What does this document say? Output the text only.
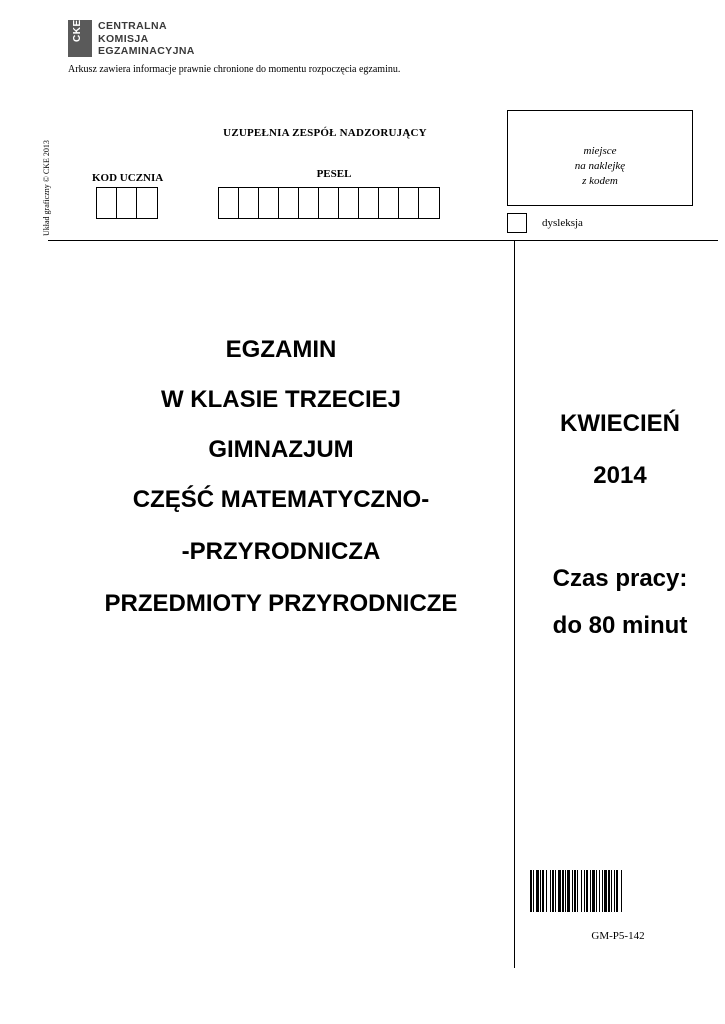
CKE CENTRALNA
KOMISJA
EGZAMINACYJNA
Arkusz zawiera informacje prawnie chronione do momentu rozpoczęcia egzaminu.
Układ graficzny © CKE 2013
UZUPEŁNIA ZESPÓŁ NADZORUJĄCY
KOD UCZNIA	PESEL
miejsce
na naklejkę
z kodem
dysleksja
EGZAMIN
W KLASIE TRZECIEJ
GIMNAZJUM
CZĘŚĆ MATEMATYCZNO-
-PRZYRODNICZA
PRZEDMIOTY PRZYRODNICZE
KWIECIEŃ
2014
Czas pracy:
do 80 minut
GM-P5-142
